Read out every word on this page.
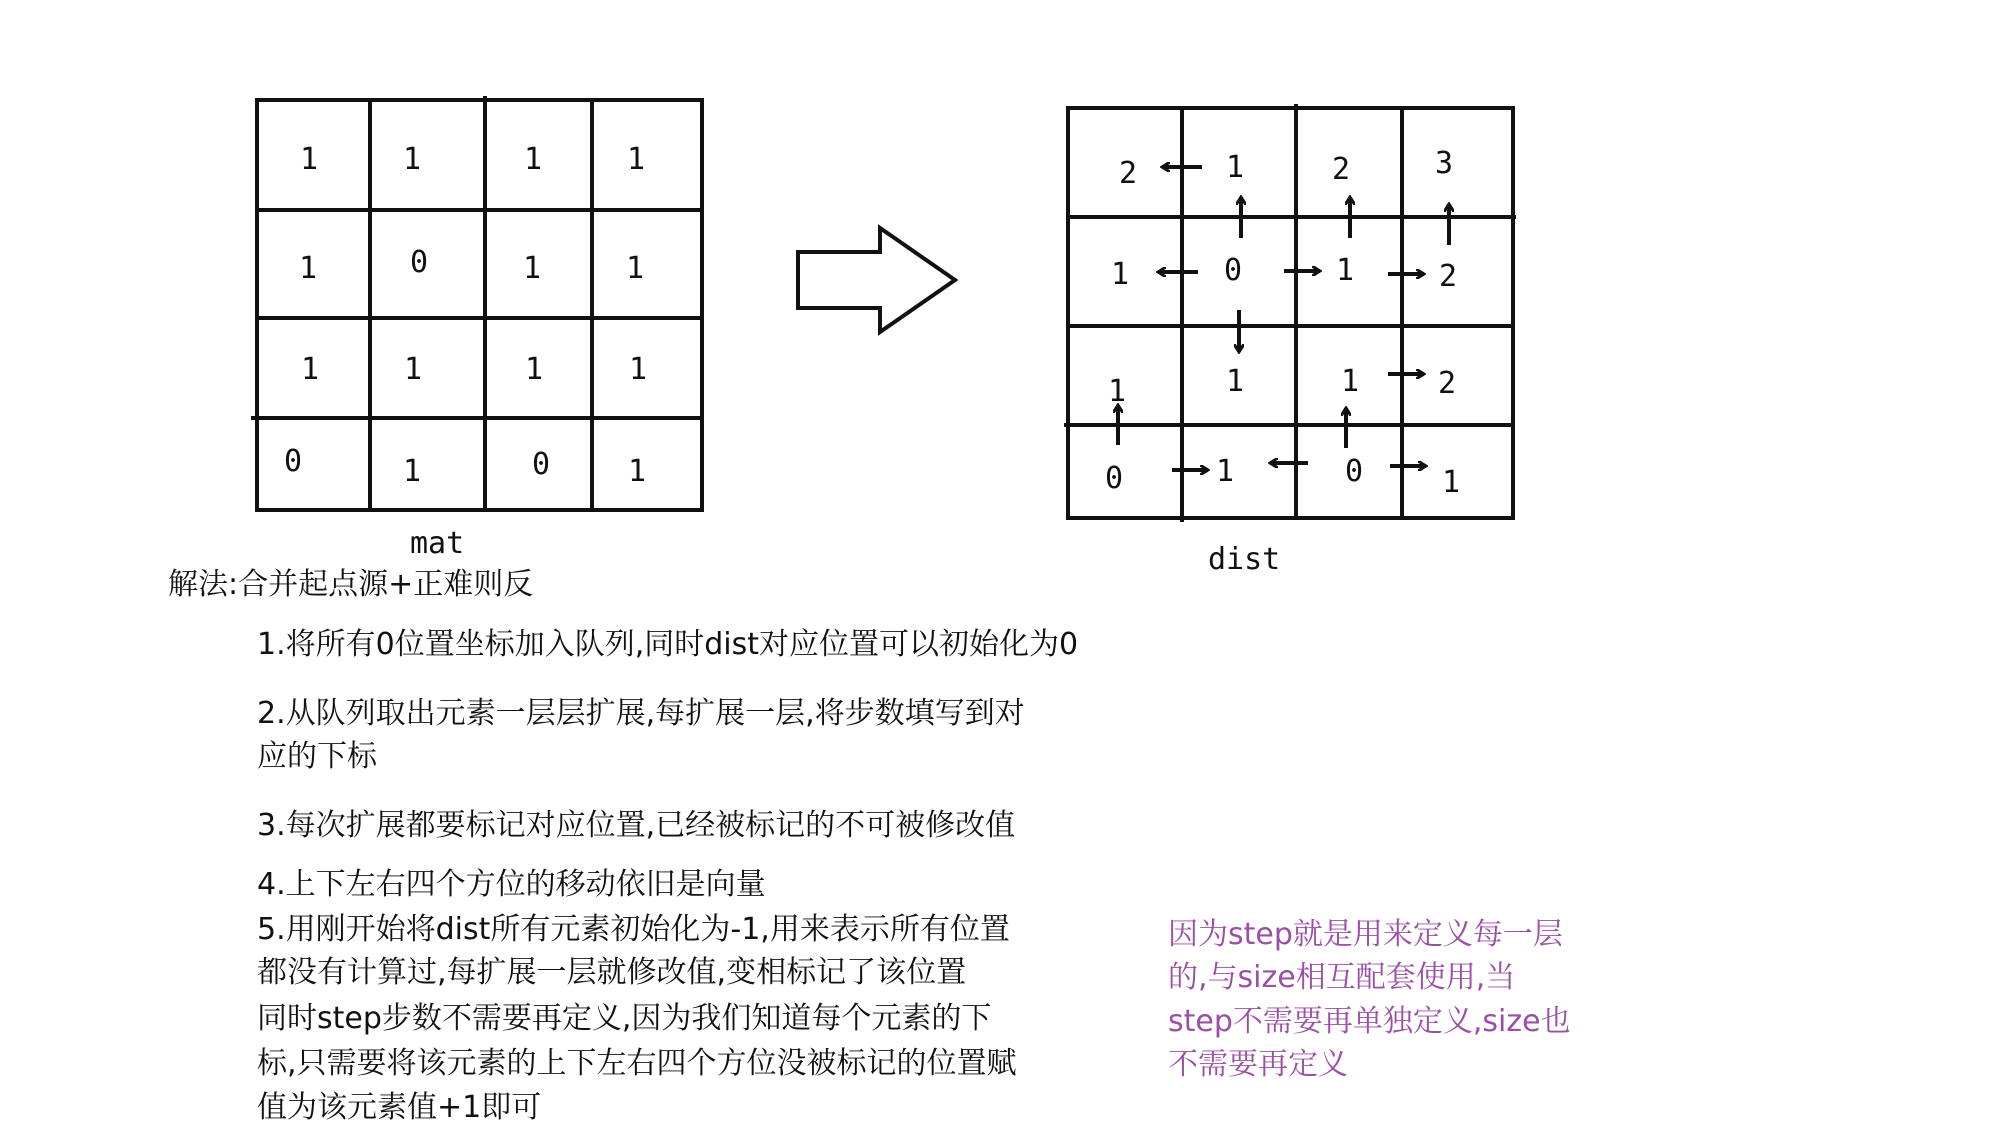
1	1	1	1
1	0	1	1
1	1	1	1
0	1	0	1
mat
2	1	2	3
1	0	1	2
1	1	1	2
0	1	0	1
dist

解法:合并起点源+正难则反

1.将所有0位置坐标加入队列,同时dist对应位置可以初始化为0

2.从队列取出元素一层层扩展,每扩展一层,将步数填写到对

应的下标

3.每次扩展都要标记对应位置,已经被标记的不可被修改值

4.上下左右四个方位的移动依旧是向量

5.用刚开始将dist所有元素初始化为-1,用来表示所有位置

都没有计算过,每扩展一层就修改值,变相标记了该位置

同时step步数不需要再定义,因为我们知道每个元素的下

标,只需要将该元素的上下左右四个方位没被标记的位置赋

值为该元素值+1即可

因为step就是用来定义每一层

的,与size相互配套使用,当

step不需要再单独定义,size也

不需要再定义
